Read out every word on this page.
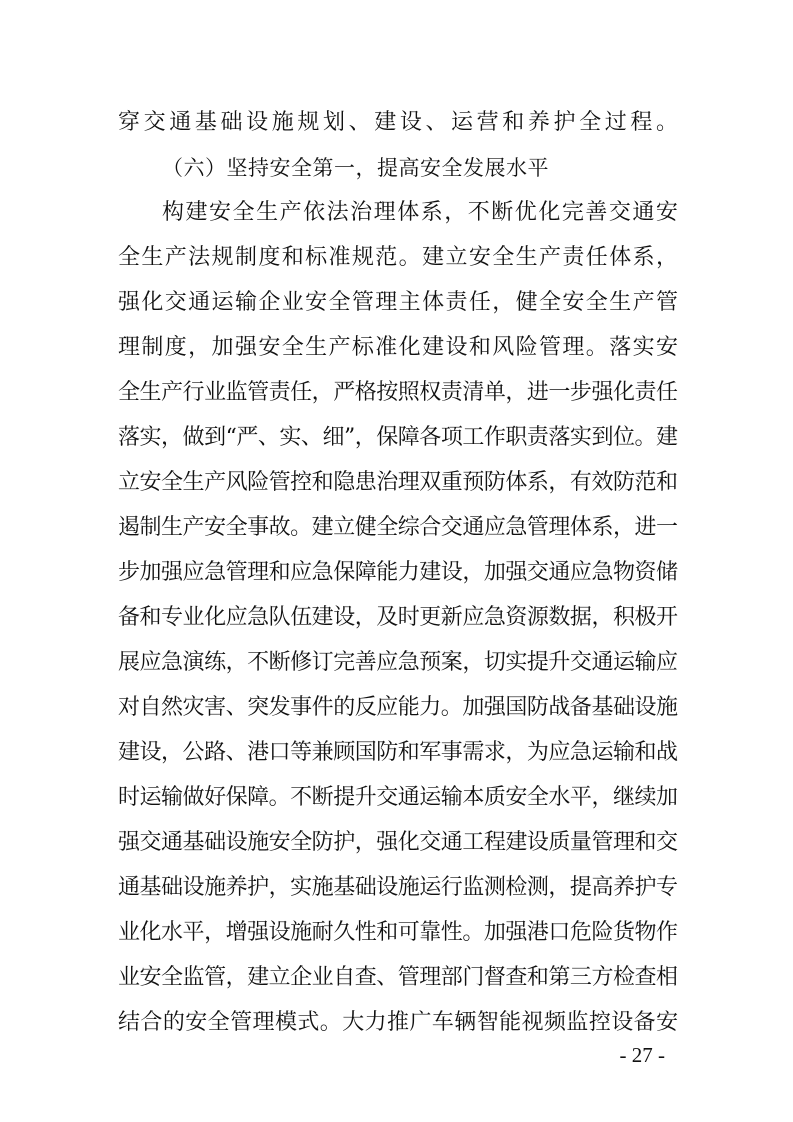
穿交通基础设施规划、建设、运营和养护全过程。
（六）坚持安全第一，提高安全发展水平
构建安全生产依法治理体系，不断优化完善交通安
全生产法规制度和标准规范。建立安全生产责任体系，
强化交通运输企业安全管理主体责任，健全安全生产管
理制度，加强安全生产标准化建设和风险管理。落实安
全生产行业监管责任，严格按照权责清单，进一步强化责任
落实，做到“严、实、细”，保障各项工作职责落实到位。建
立安全生产风险管控和隐患治理双重预防体系，有效防范和
遏制生产安全事故。建立健全综合交通应急管理体系，进一
步加强应急管理和应急保障能力建设，加强交通应急物资储
备和专业化应急队伍建设，及时更新应急资源数据，积极开
展应急演练，不断修订完善应急预案，切实提升交通运输应
对自然灾害、突发事件的反应能力。加强国防战备基础设施
建设，公路、港口等兼顾国防和军事需求，为应急运输和战
时运输做好保障。不断提升交通运输本质安全水平，继续加
强交通基础设施安全防护，强化交通工程建设质量管理和交
通基础设施养护，实施基础设施运行监测检测，提高养护专
业化水平，增强设施耐久性和可靠性。加强港口危险货物作
业安全监管，建立企业自查、管理部门督查和第三方检查相
结合的安全管理模式。大力推广车辆智能视频监控设备安
- 27 -
